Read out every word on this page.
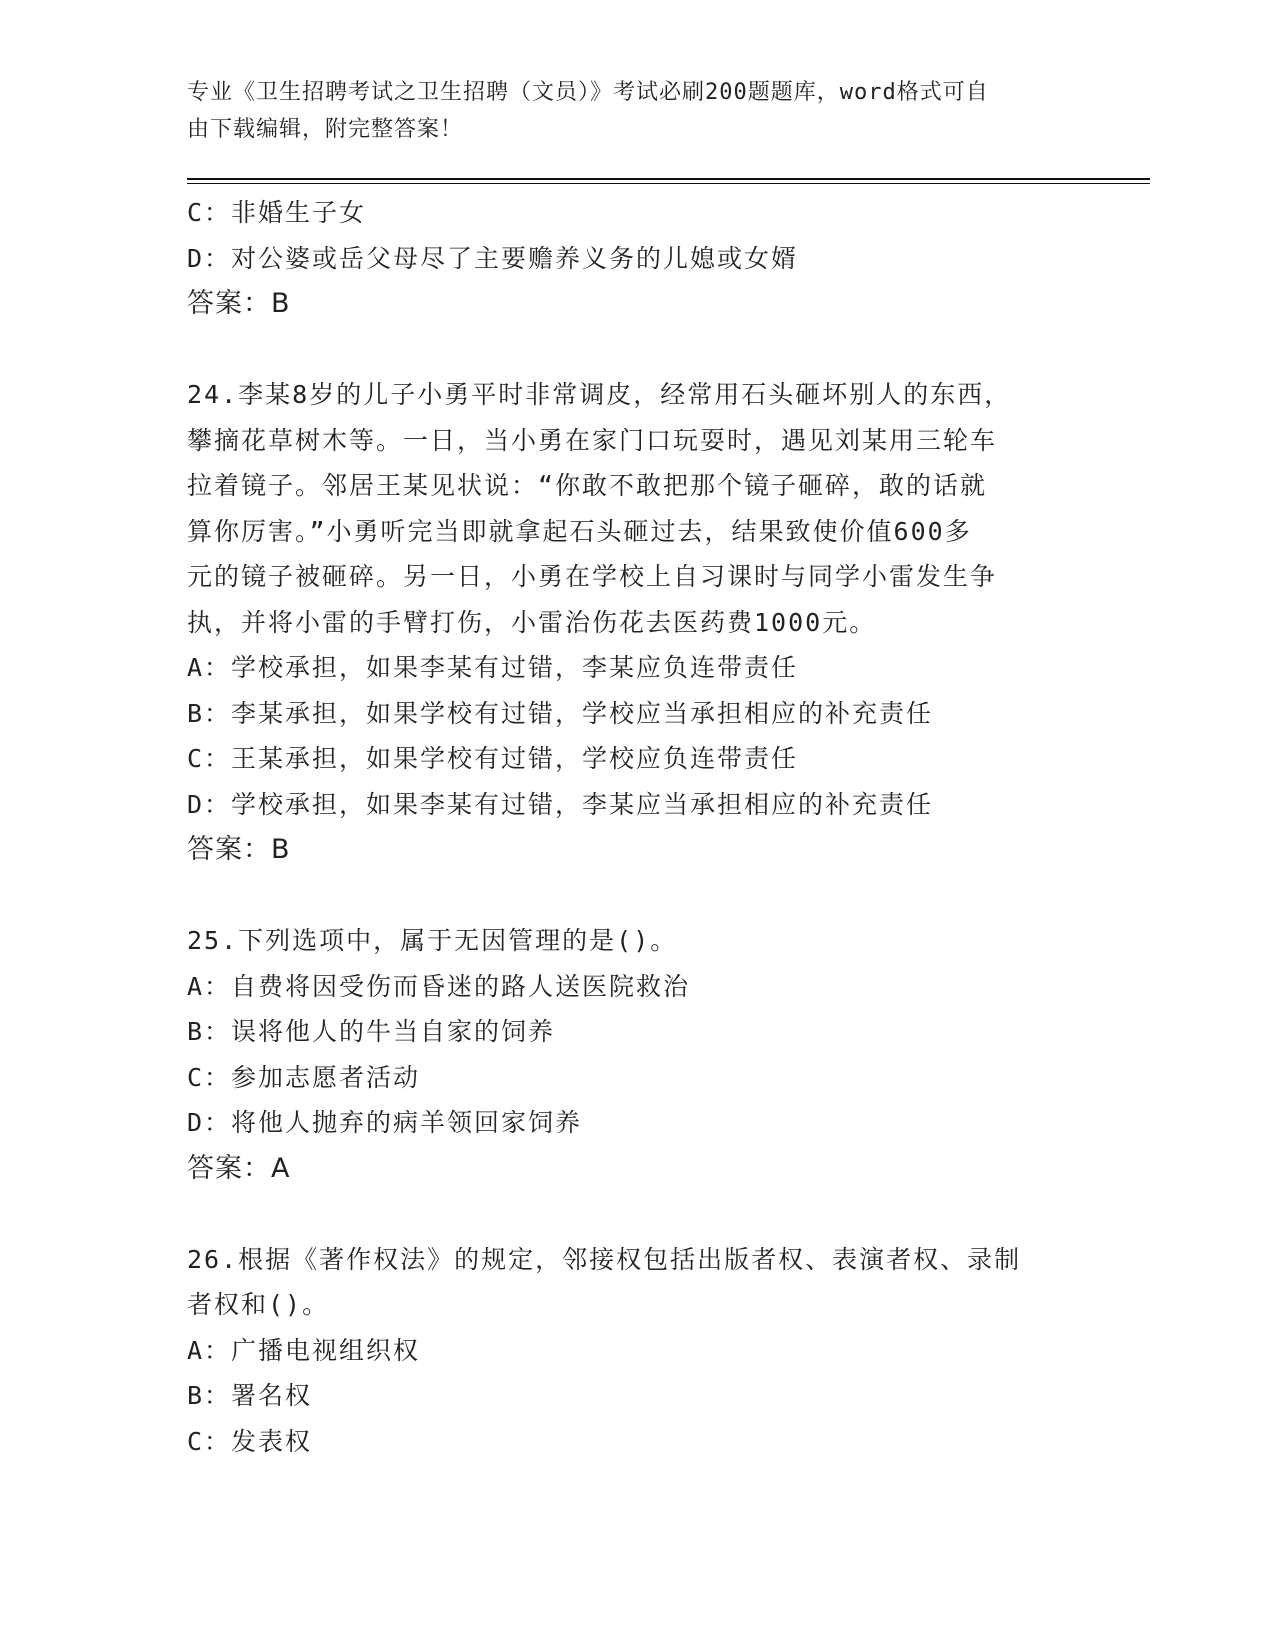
专业《卫生招聘考试之卫生招聘（文员）》考试必刷200题题库，word格式可自
由下载编辑，附完整答案！
C：非婚生子女
D：对公婆或岳父母尽了主要赡养义务的儿媳或女婿
答案：B
24.李某8岁的儿子小勇平时非常调皮，经常用石头砸坏别人的东西，
攀摘花草树木等。一日，当小勇在家门口玩耍时，遇见刘某用三轮车
拉着镜子。邻居王某见状说：“你敢不敢把那个镜子砸碎，敢的话就
算你厉害。”小勇听完当即就拿起石头砸过去，结果致使价值600多
元的镜子被砸碎。另一日，小勇在学校上自习课时与同学小雷发生争
执，并将小雷的手臂打伤，小雷治伤花去医药费1000元。
A：学校承担，如果李某有过错，李某应负连带责任
B：李某承担，如果学校有过错，学校应当承担相应的补充责任
C：王某承担，如果学校有过错，学校应负连带责任
D：学校承担，如果李某有过错，李某应当承担相应的补充责任
答案：B
25.下列选项中，属于无因管理的是()。
A：自费将因受伤而昏迷的路人送医院救治
B：误将他人的牛当自家的饲养
C：参加志愿者活动
D：将他人抛弃的病羊领回家饲养
答案：A
26.根据《著作权法》的规定，邻接权包括出版者权、表演者权、录制
者权和()。
A：广播电视组织权
B：署名权
C：发表权
